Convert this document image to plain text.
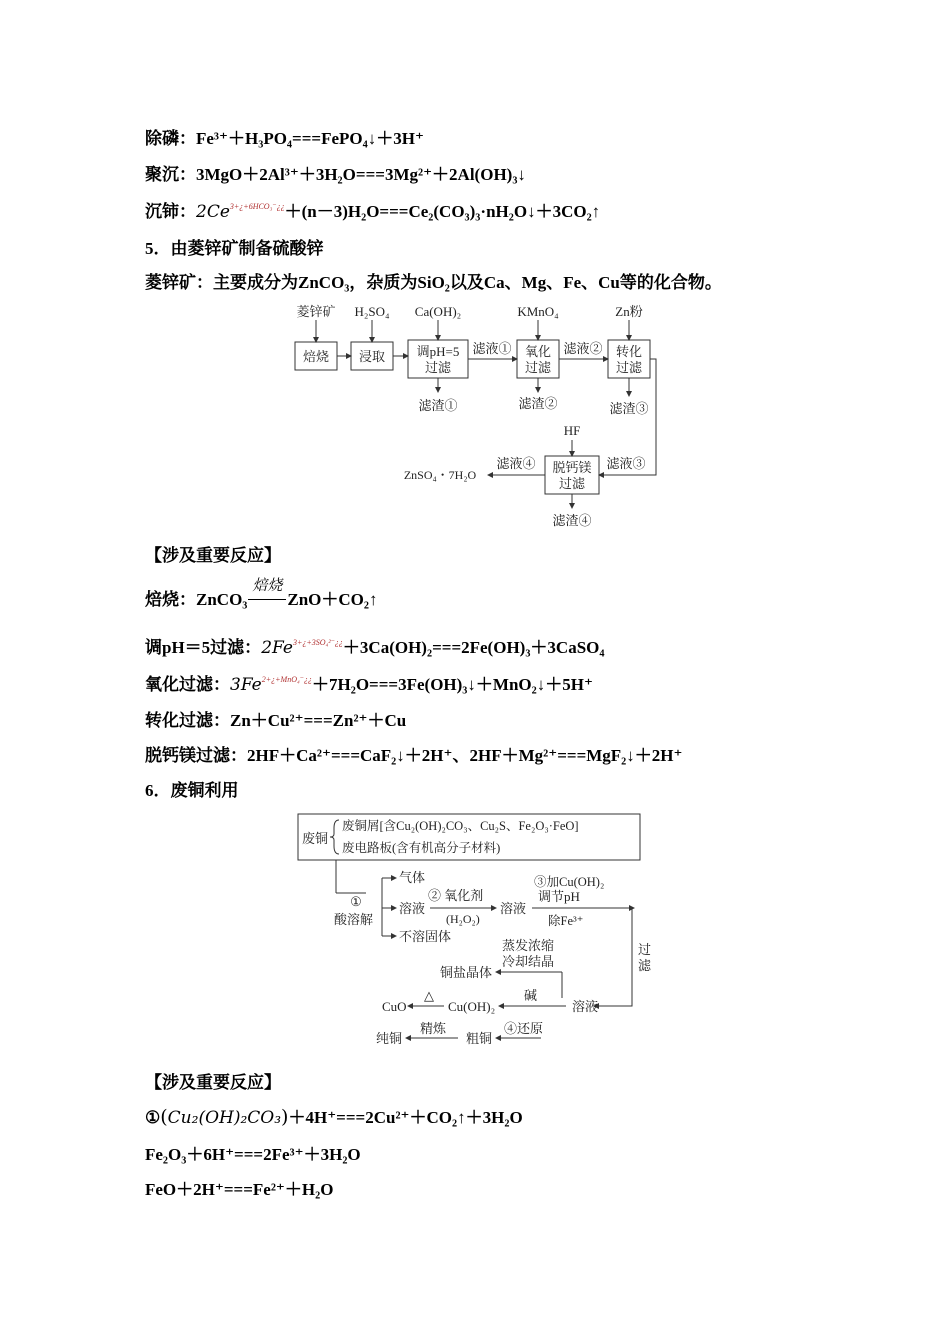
除磷：Fe³⁺＋H₃PO₄===FePO₄↓＋3H⁺
聚沉：3MgO＋2Al³⁺＋3H₂O===3Mg²⁺＋2Al(OH)₃↓
沉铈：$2Ce^{3+¿+6HCO_3^-¿¿}+(n-3)H_2O===Ce_2(CO_3)_3\cdot nH_2O↓+3CO_2↑$
5．由菱锌矿制备硫酸锌
菱锌矿：主要成分为ZnCO₃，杂质为SiO₂以及Ca、Mg、Fe、Cu等的化合物。
菱锌矿 H₂SO₄ Ca(OH)₂	KMnO₄	Zn粉
焙烧 浸取 调pH=5
过滤
滤液① 氧化
过滤
滤液② 转化
过滤
滤渣①	滤渣②	滤渣③
HF
滤液④	滤液③
脱钙镁
过滤
ZnSO₄・7H₂O
滤渣④
【涉及重要反应】
焙烧：ZnCO₃
焙烧
ZnO＋CO₂↑
调pH＝5过滤：$2Fe^{3+¿+3SO_4^{2-}¿¿}+3Ca(OH)_2===2Fe(OH)_3+3CaSO_4$
氧化过滤：$3Fe^{2+¿+MnO_4^-¿¿}+7H_2O===3Fe(OH)_3↓+MnO_2↓+5H^+$
转化过滤：Zn＋Cu²⁺===Zn²⁺＋Cu
脱钙镁过滤：2HF＋Ca²⁺===CaF₂↓＋2H⁺、2HF＋Mg²⁺===MgF₂↓＋2H⁺
6．废铜利用
废铜
废铜屑[含Cu₂(OH)₂CO₃、Cu₂S、Fe₂O₃·FeO]
废电路板(含有机高分子材料)
①
酸溶解
气体
溶液
不溶固体
② 氧化剂
(H₂O₂)
溶液
③加Cu(OH)₂
调节pH
除Fe³⁺
过
滤
蒸发浓缩
冷却结晶
铜盐晶体
溶液
碱
Cu(OH)₂
△
CuO
精炼
纯铜	粗铜
④还原
【涉及重要反应】
①(Cu₂(OH)₂CO₃)＋4H⁺===2Cu²⁺＋CO₂↑＋3H₂O
Fe₂O₃＋6H⁺===2Fe³⁺＋3H₂O
FeO＋2H⁺===Fe²⁺＋H₂O
